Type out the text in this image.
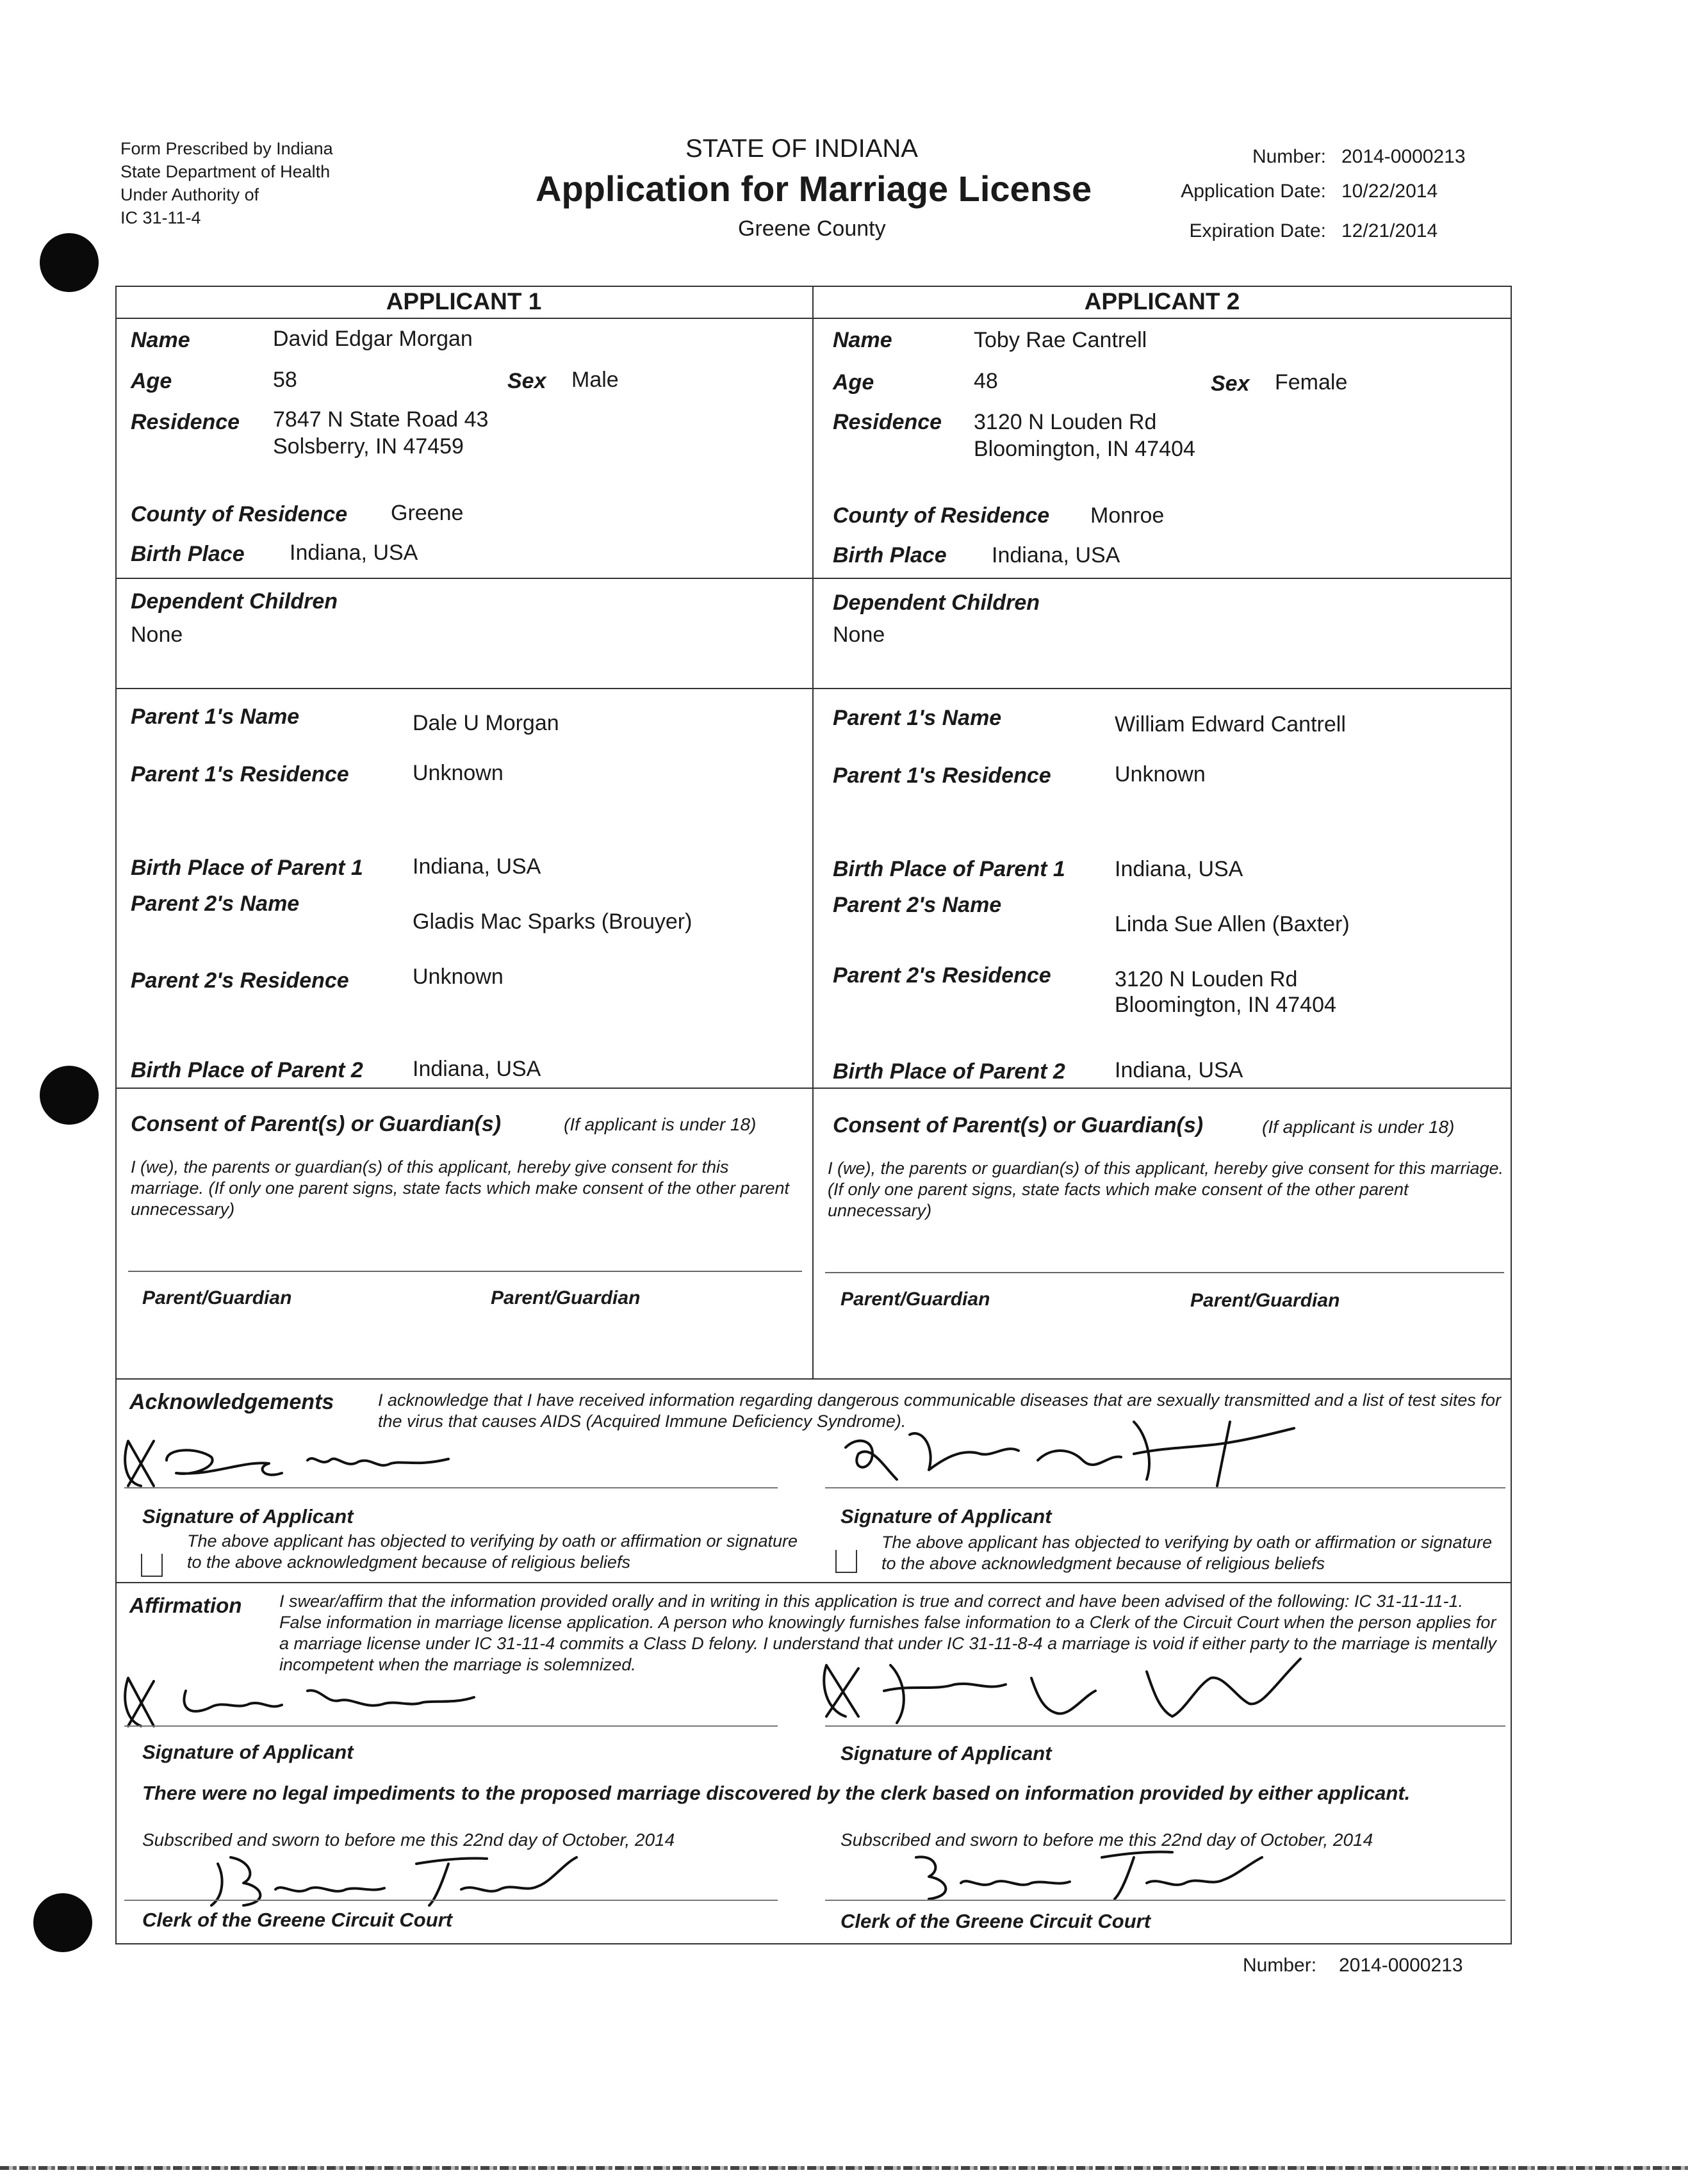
Form Prescribed by Indiana
State Department of Health
Under Authority of
IC 31-11-4
STATE OF INDIANA
Application for Marriage License
Greene County
Number: 2014-0000213
Application Date: 10/22/2014
Expiration Date: 12/21/2014
APPLICANT 1	APPLICANT 2
Name	David Edgar Morgan
Age	58	Sex Male
Residence 7847 N State Road 43
Solsberry, IN 47459
County of Residence Greene
Birth Place Indiana, USA
Dependent Children
None
Parent 1's Name	Dale U Morgan
Parent 1's Residence	Unknown
Birth Place of Parent 1 Indiana, USA
Parent 2's Name
Gladis Mac Sparks (Brouyer)
Parent 2's Residence	Unknown
Birth Place of Parent 2 Indiana, USA
Consent of Parent(s) or Guardian(s)	(If applicant is under 18)
I (we), the parents or guardian(s) of this applicant, hereby give consent for this marriage. (If only one parent signs, state facts which make consent of the other parent unnecessary)
Parent/Guardian	Parent/Guardian
Name	Toby Rae Cantrell
Age	48	Sex Female
Residence 3120 N Louden Rd
Bloomington, IN 47404
County of Residence Monroe
Birth Place Indiana, USA
Dependent Children
None
Parent 1's Name	William Edward Cantrell
Parent 1's Residence	Unknown
Birth Place of Parent 1 Indiana, USA
Parent 2's Name
Linda Sue Allen (Baxter)
Parent 2's Residence	3120 N Louden Rd
Bloomington, IN 47404
Birth Place of Parent 2 Indiana, USA
Consent of Parent(s) or Guardian(s)	(If applicant is under 18)
I (we), the parents or guardian(s) of this applicant, hereby give consent for this marriage. (If only one parent signs, state facts which make consent of the other parent unnecessary)
Parent/Guardian	Parent/Guardian
Acknowledgements	I acknowledge that I have received information regarding dangerous communicable diseases that are sexually transmitted and a list of test sites for the virus that causes AIDS (Acquired Immune Deficiency Syndrome).
Signature of Applicant	Signature of Applicant
The above applicant has objected to verifying by oath or affirmation or signature to the above acknowledgment because of religious beliefs
The above applicant has objected to verifying by oath or affirmation or signature to the above acknowledgment because of religious beliefs
Affirmation I swear/affirm that the information provided orally and in writing in this application is true and correct and have been advised of the following: IC 31-11-11-1. False information in marriage license application. A person who knowingly furnishes false information to a Clerk of the Circuit Court when the person applies for a marriage license under IC 31-11-4 commits a Class D felony. I understand that under IC 31-11-8-4 a marriage is void if either party to the marriage is mentally incompetent when the marriage is solemnized.
Signature of Applicant	Signature of Applicant
There were no legal impediments to the proposed marriage discovered by the clerk based on information provided by either applicant.
Subscribed and sworn to before me this 22nd day of October, 2014
Clerk of the Greene Circuit Court
Subscribed and sworn to before me this 22nd day of October, 2014
Clerk of the Greene Circuit Court
Number: 2014-0000213
